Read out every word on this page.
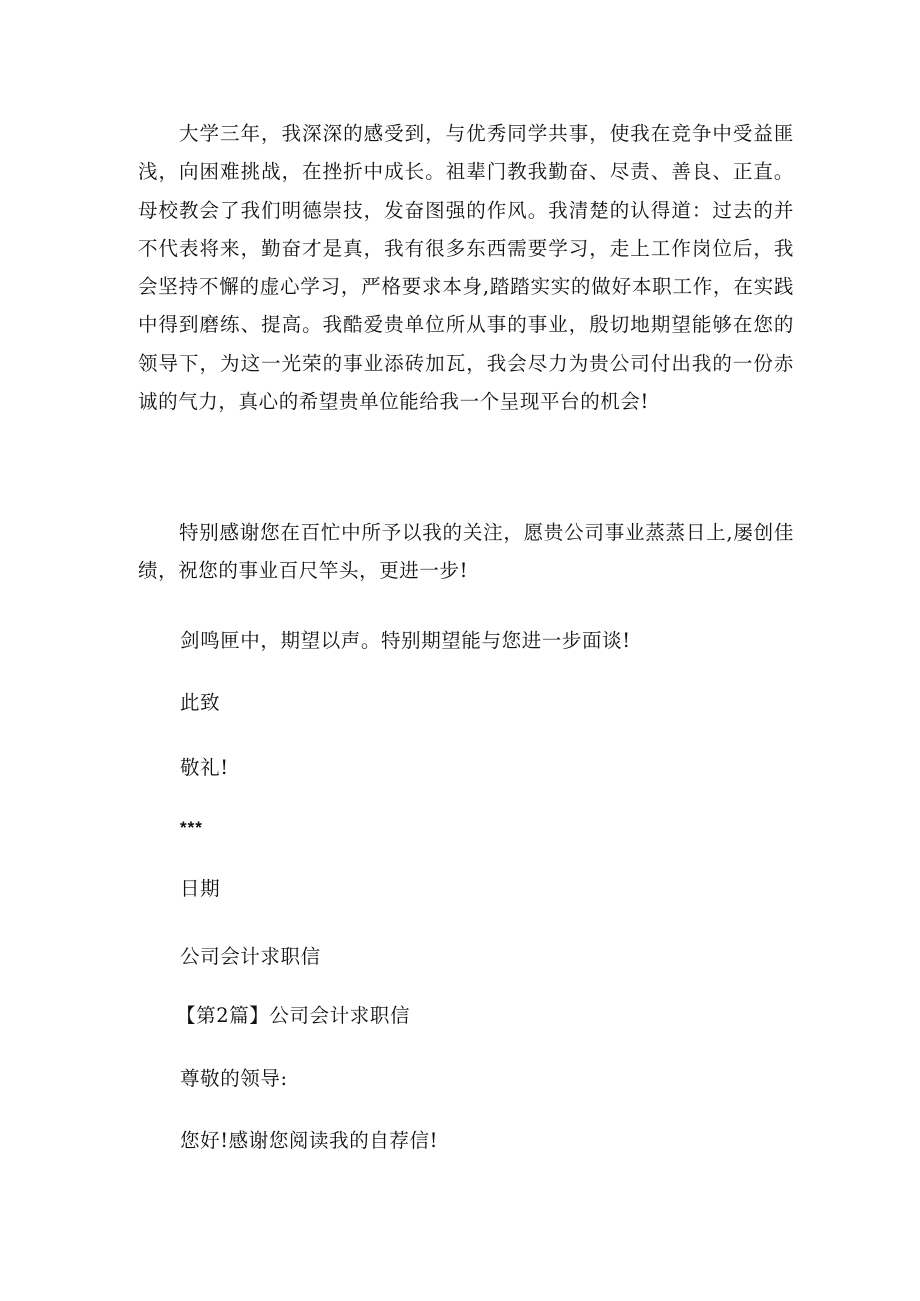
大学三年，我深深的感受到，与优秀同学共事，使我在竞争中受益匪浅，向困难挑战，在挫折中成长。祖辈门教我勤奋、尽责、善良、正直。母校教会了我们明德崇技，发奋图强的作风。我清楚的认得道：过去的并不代表将来，勤奋才是真，我有很多东西需要学习，走上工作岗位后，我会坚持不懈的虚心学习，严格要求本身,踏踏实实的做好本职工作，在实践中得到磨练、提高。我酷爱贵单位所从事的事业，殷切地期望能够在您的领导下，为这一光荣的事业添砖加瓦，我会尽力为贵公司付出我的一份赤诚的气力，真心的希望贵单位能给我一个呈现平台的机会!

特别感谢您在百忙中所予以我的关注，愿贵公司事业蒸蒸日上,屡创佳绩，祝您的事业百尺竿头，更进一步!

剑鸣匣中，期望以声。特别期望能与您进一步面谈!

此致

敬礼!

***

日期

公司会计求职信

【第2篇】公司会计求职信

尊敬的领导:

您好!感谢您阅读我的自荐信!
